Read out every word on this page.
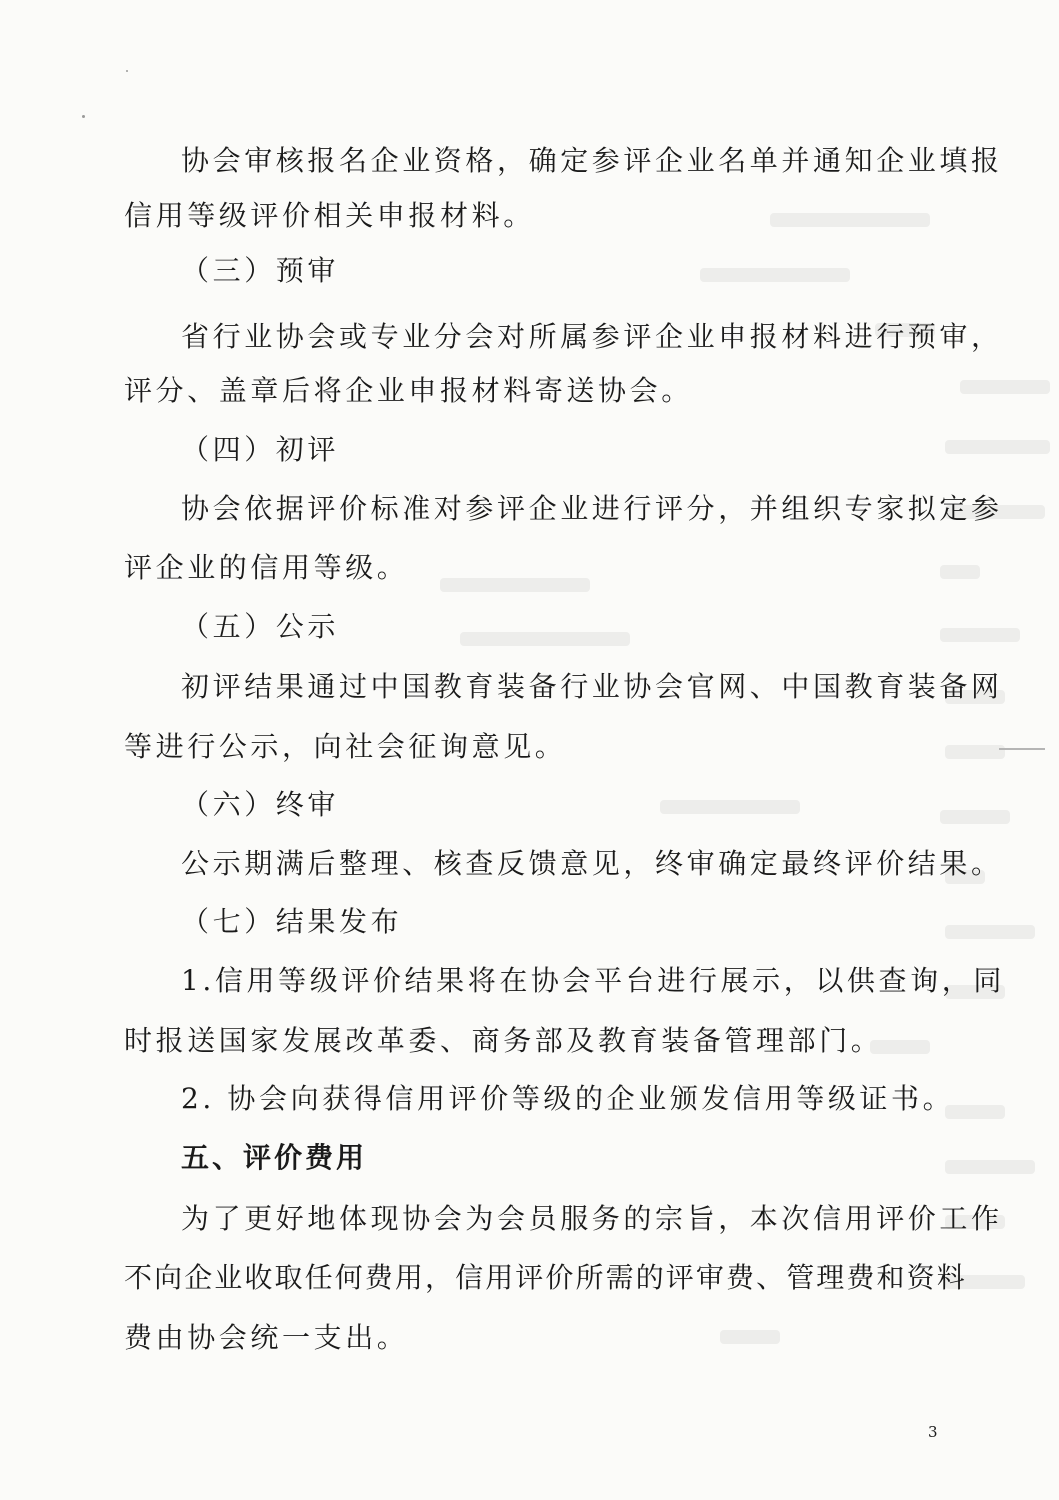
协会审核报名企业资格，确定参评企业名单并通知企业填报
信用等级评价相关申报材料。
（三）预审
省行业协会或专业分会对所属参评企业申报材料进行预审，
评分、盖章后将企业申报材料寄送协会。
（四）初评
协会依据评价标准对参评企业进行评分，并组织专家拟定参
评企业的信用等级。
（五）公示
初评结果通过中国教育装备行业协会官网、中国教育装备网
等进行公示，向社会征询意见。
（六）终审
公示期满后整理、核查反馈意见，终审确定最终评价结果。
（七）结果发布
1.信用等级评价结果将在协会平台进行展示，以供查询，同
时报送国家发展改革委、商务部及教育装备管理部门。
2. 协会向获得信用评价等级的企业颁发信用等级证书。
五、评价费用
为了更好地体现协会为会员服务的宗旨，本次信用评价工作
不向企业收取任何费用，信用评价所需的评审费、管理费和资料
费由协会统一支出。
3
